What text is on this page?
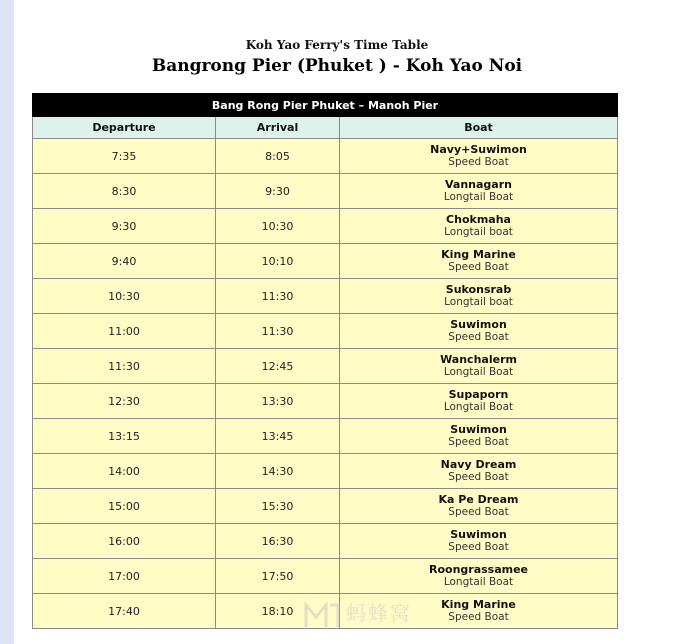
Koh Yao Ferry's Time Table
Bangrong Pier (Phuket ) - Koh Yao Noi
Bang Rong Pier Phuket – Manoh Pier		
Departure	Arrival	Boat
7:35	8:05	Navy+Suwimon
Speed Boat

8:30	9:30	Vannagarn
Longtail Boat

9:30	10:30	Chokmaha
Longtail boat

9:40	10:10	King Marine
Speed Boat

10:30	11:30	Sukonsrab
Longtail boat

11:00	11:30	Suwimon
Speed Boat

11:30	12:45	Wanchalerm
Longtail Boat

12:30	13:30	Supaporn
Longtail Boat

13:15	13:45	Suwimon
Speed Boat

14:00	14:30	Navy Dream
Speed Boat

15:00	15:30	Ka Pe Dream
Speed Boat

16:00	16:30	Suwimon
Speed Boat

17:00	17:50	Roongrassamee
Longtail Boat

17:40	18:10	King Marine
Speed Boat
蚂蜂窝
